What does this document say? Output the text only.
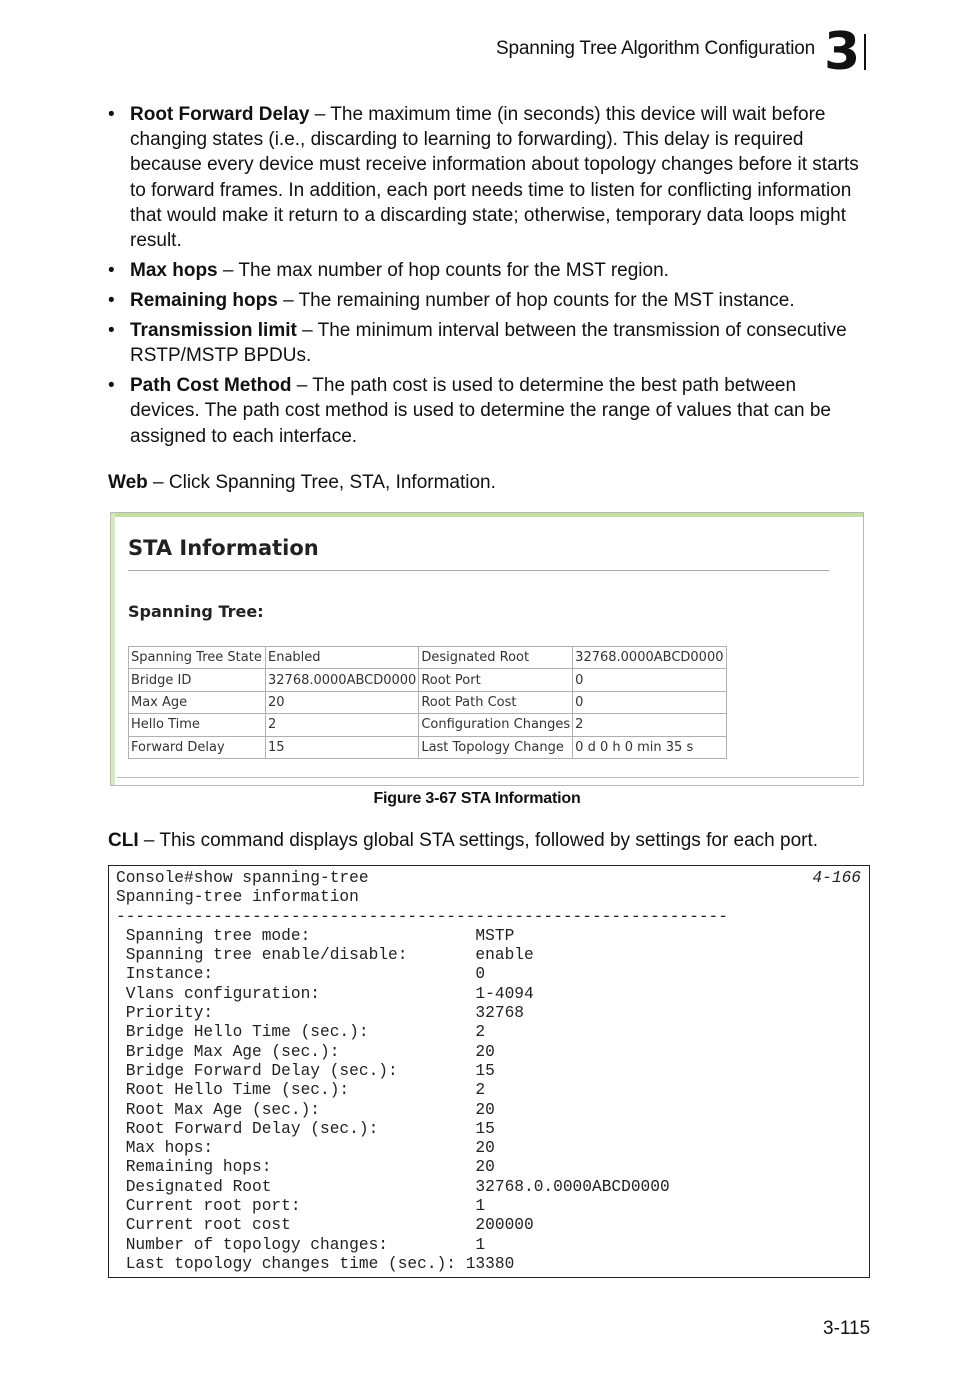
Spanning Tree Algorithm Configuration 3
• Root Forward Delay – The maximum time (in seconds) this device will wait before changing states (i.e., discarding to learning to forwarding). This delay is required because every device must receive information about topology changes before it starts to forward frames. In addition, each port needs time to listen for conflicting information that would make it return to a discarding state; otherwise, temporary data loops might result.
• Max hops – The max number of hop counts for the MST region.
• Remaining hops – The remaining number of hop counts for the MST instance.
• Transmission limit – The minimum interval between the transmission of consecutive RSTP/MSTP BPDUs.
• Path Cost Method – The path cost is used to determine the best path between devices. The path cost method is used to determine the range of values that can be assigned to each interface.
Web – Click Spanning Tree, STA, Information.
STA Information
Spanning Tree:
Spanning Tree State	Enabled	Designated Root	32768.0000ABCD0000
Bridge ID	32768.0000ABCD0000	Root Port	0
Max Age	20	Root Path Cost	0
Hello Time	2	Configuration Changes	2
Forward Delay	15	Last Topology Change	0 d 0 h 0 min 35 s
Figure 3-67 STA Information
CLI – This command displays global STA settings, followed by settings for each port.
Console#show spanning-tree
Spanning-tree information
---------------------------------------------------------------
Spanning tree mode:                 MSTP
Spanning tree enable/disable:       enable
Instance:                           0
Vlans configuration:                1-4094
Priority:                           32768
Bridge Hello Time (sec.):           2
Bridge Max Age (sec.):              20
Bridge Forward Delay (sec.):        15
Root Hello Time (sec.):             2
Root Max Age (sec.):                20
Root Forward Delay (sec.):          15
Max hops:                           20
Remaining hops:                     20
Designated Root                     32768.0.0000ABCD0000
Current root port:                  1
Current root cost                   200000
Number of topology changes:         1
Last topology changes time (sec.): 13380
4-166
3-115
